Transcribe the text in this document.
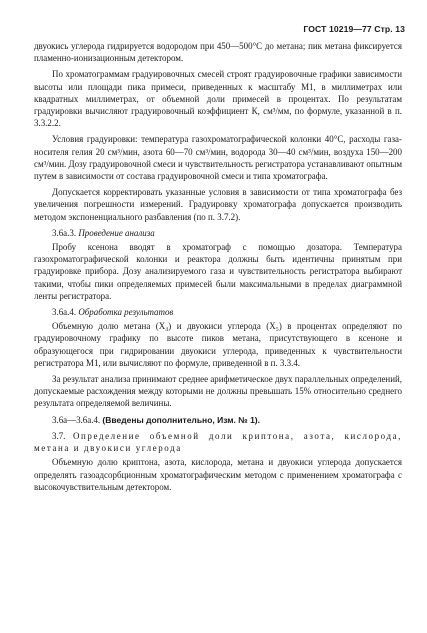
ГОСТ 10219—77 Стр. 13

двуокись углерода гидрируется водородом при 450—500°С до метана; пик метана фиксируется пламенно-ионизационным детектором.

По хроматограммам градуировочных смесей строят градуировочные графики зависимости высоты или площади пика примеси, приведенных к масштабу М1, в миллиметрах или квадратных миллиметрах, от объемной доли примесей в процентах. По результатам градуировки вычисляют градуировочный коэффициент К, см³/мм, по формуле, указанной в п. 3.3.2.2.

Условия градуировки: температура газохроматографической колонки 40°С, расходы газа-носителя гелия 20 см³/мин, азота 60—70 см³/мин, водорода 30—40 см³/мин, воздуха 150—200 см³/мин. Дозу градуировочной смеси и чувствительность регистратора устанавливают опытным путем в зависимости от состава градуировочной смеси и типа хроматографа.

Допускается корректировать указанные условия в зависимости от типа хроматографа без увеличения погрешности измерений. Градуировку хроматографа допускается производить методом экспоненциального разбавления (по п. 3.7.2).

3.6а.3. Проведение анализа

Пробу ксенона вводят в хроматограф с помощью дозатора. Температура газохроматографической колонки и реактора должны быть идентичны принятым при градуировке прибора. Дозу анализируемого газа и чувствительность регистратора выбирают такими, чтобы пики определяемых примесей были максимальными в пределах диаграммной ленты регистратора.

3.6а.4. Обработка результатов

Объемную долю метана (X₄) и двуокиси углерода (X₅) в процентах определяют по градуировочному графику по высоте пиков метана, присутствующего в ксеноне и образующегося при гидрировании двуокиси углерода, приведенных к чувствительности регистратора М1, или вычисляют по формуле, приведенной в п. 3.3.4.

За результат анализа принимают среднее арифметическое двух параллельных определений, допускаемые расхождения между которыми не должны превышать 15% относительно среднего результата определяемой величины.

3.6а—3.6а.4. (Введены дополнительно, Изм. № 1).

3.7. Определение объемной доли криптона, азота, кислорода, метана и двуокиси углерода

Объемную долю криптона, азота, кислорода, метана и двуокиси углерода допускается определять газоадсорбционным хроматографическим методом с применением хроматографа с высокочувствительным детектором.
